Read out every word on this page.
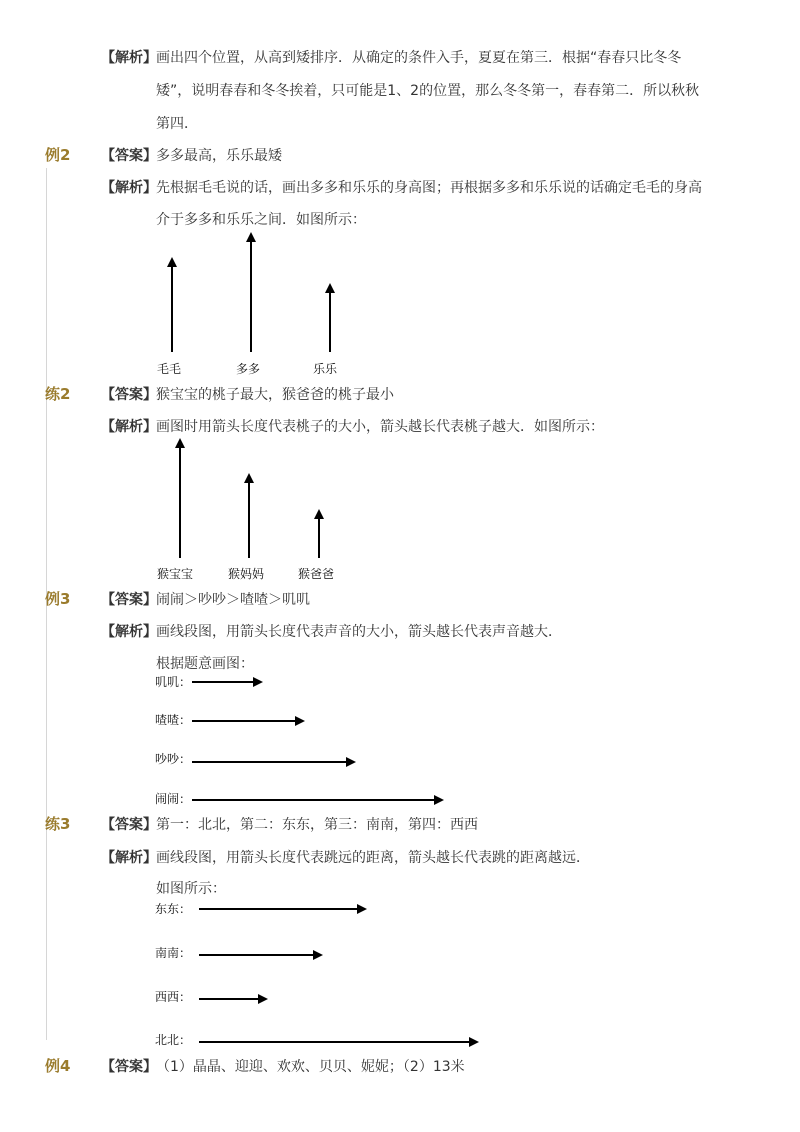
【解析】 画出四个位置，从高到矮排序．从确定的条件入手，夏夏在第三．根据“春春只比冬冬
矮”，说明春春和冬冬挨着，只可能是1、2的位置，那么冬冬第一，春春第二．所以秋秋
第四．
例2 【答案】 多多最高，乐乐最矮
【解析】 先根据毛毛说的话，画出多多和乐乐的身高图；再根据多多和乐乐说的话确定毛毛的身高
介于多多和乐乐之间．如图所示：
毛毛	多多	乐乐
猴宝宝	猴妈妈	猴爸爸
叽叽：
喳喳：
吵吵：
闹闹：
东东：
南南：
西西：
北北：
练2 【答案】 猴宝宝的桃子最大，猴爸爸的桃子最小
【解析】 画图时用箭头长度代表桃子的大小，箭头越长代表桃子越大．如图所示：
例3 【答案】 闹闹＞吵吵＞喳喳＞叽叽
【解析】 画线段图，用箭头长度代表声音的大小，箭头越长代表声音越大．
根据题意画图：
练3 【答案】 第一：北北，第二：东东，第三：南南，第四：西西
【解析】 画线段图，用箭头长度代表跳远的距离，箭头越长代表跳的距离越远．
如图所示：
例4 【答案】 （1）晶晶、迎迎、欢欢、贝贝、妮妮；（2）13米
